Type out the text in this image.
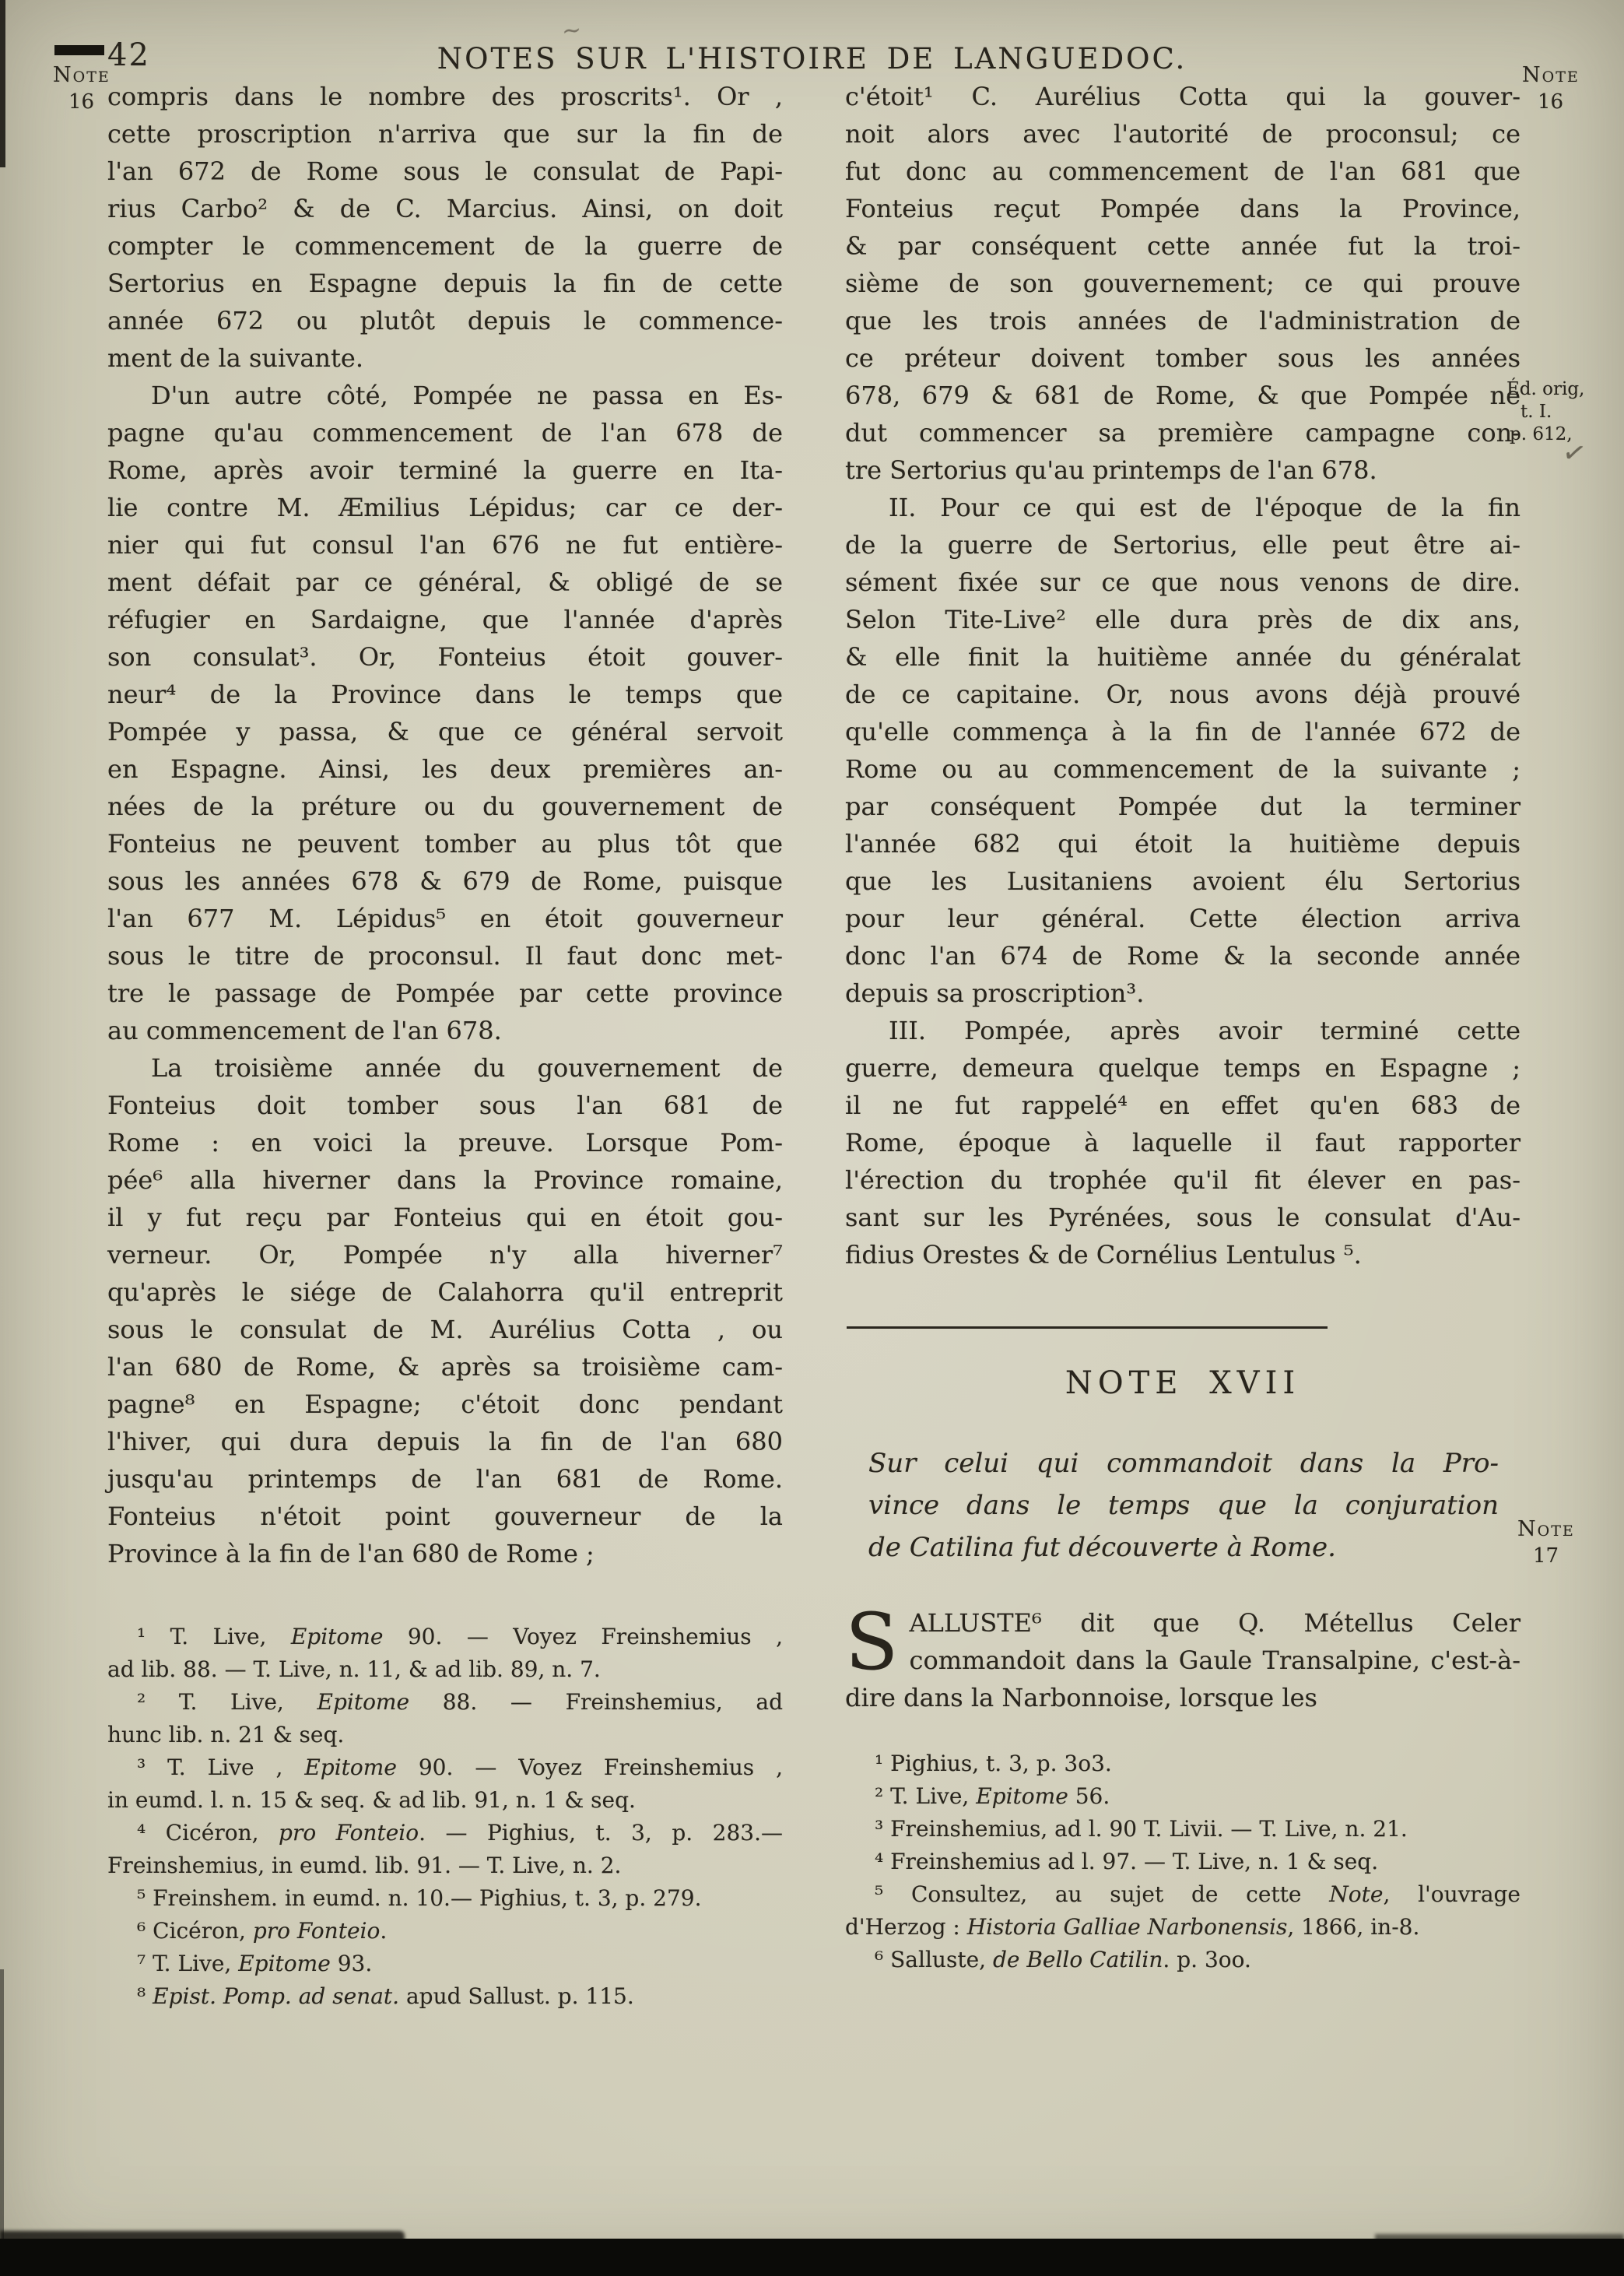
42	NOTES SUR L'HISTOIRE DE LANGUEDOC.
Note
16
Note
16
Éd. orig,
t. I.
p. 612,
Note
17
compris dans le nombre des proscrits¹. Or ,
cette proscription n'arriva que sur la fin de
l'an 672 de Rome sous le consulat de Papi-
rius Carbo² & de C. Marcius. Ainsi, on doit
compter le commencement de la guerre de
Sertorius en Espagne depuis la fin de cette
année 672 ou plutôt depuis le commence-
ment de la suivante.
D'un autre côté, Pompée ne passa en Es-
pagne qu'au commencement de l'an 678 de
Rome, après avoir terminé la guerre en Ita-
lie contre M. Æmilius Lépidus; car ce der-
nier qui fut consul l'an 676 ne fut entière-
ment défait par ce général, & obligé de se
réfugier en Sardaigne, que l'année d'après
son consulat³. Or, Fonteius étoit gouver-
neur⁴ de la Province dans le temps que
Pompée y passa, & que ce général servoit
en Espagne. Ainsi, les deux premières an-
nées de la préture ou du gouvernement de
Fonteius ne peuvent tomber au plus tôt que
sous les années 678 & 679 de Rome, puisque
l'an 677 M. Lépidus⁵ en étoit gouverneur
sous le titre de proconsul. Il faut donc met-
tre le passage de Pompée par cette province
au commencement de l'an 678.
La troisième année du gouvernement de
Fonteius doit tomber sous l'an 681 de
Rome : en voici la preuve. Lorsque Pom-
pée⁶ alla hiverner dans la Province romaine,
il y fut reçu par Fonteius qui en étoit gou-
verneur. Or, Pompée n'y alla hiverner⁷
qu'après le siége de Calahorra qu'il entreprit
sous le consulat de M. Aurélius Cotta , ou
l'an 680 de Rome, & après sa troisième cam-
pagne⁸ en Espagne; c'étoit donc pendant
l'hiver, qui dura depuis la fin de l'an 680
jusqu'au printemps de l'an 681 de Rome.
Fonteius n'étoit point gouverneur de la
Province à la fin de l'an 680 de Rome ;
¹ T. Live, Epitome 90. — Voyez Freinshemius ,
ad lib. 88. — T. Live, n. 11, & ad lib. 89, n. 7.
² T. Live, Epitome 88. — Freinshemius, ad
hunc lib. n. 21 & seq.
³ T. Live , Epitome 90. — Voyez Freinshemius ,
in eumd. l. n. 15 & seq. & ad lib. 91, n. 1 & seq.
⁴ Cicéron, pro Fonteio. — Pighius, t. 3, p. 283.—
Freinshemius, in eumd. lib. 91. — T. Live, n. 2.
⁵ Freinshem. in eumd. n. 10.— Pighius, t. 3, p. 279.
⁶ Cicéron, pro Fonteio.
⁷ T. Live, Epitome 93.
⁸ Epist. Pomp. ad senat. apud Sallust. p. 115.
c'étoit¹ C. Aurélius Cotta qui la gouver-
noit alors avec l'autorité de proconsul; ce
fut donc au commencement de l'an 681 que
Fonteius reçut Pompée dans la Province,
& par conséquent cette année fut la troi-
sième de son gouvernement; ce qui prouve
que les trois années de l'administration de
ce préteur doivent tomber sous les années
678, 679 & 681 de Rome, & que Pompée ne
dut commencer sa première campagne con-
tre Sertorius qu'au printemps de l'an 678.
II. Pour ce qui est de l'époque de la fin
de la guerre de Sertorius, elle peut être ai-
sément fixée sur ce que nous venons de dire.
Selon Tite-Live² elle dura près de dix ans,
& elle finit la huitième année du généralat
de ce capitaine. Or, nous avons déjà prouvé
qu'elle commença à la fin de l'année 672 de
Rome ou au commencement de la suivante ;
par conséquent Pompée dut la terminer
l'année 682 qui étoit la huitième depuis
que les Lusitaniens avoient élu Sertorius
pour leur général. Cette élection arriva
donc l'an 674 de Rome & la seconde année
depuis sa proscription³.
III. Pompée, après avoir terminé cette
guerre, demeura quelque temps en Espagne ;
il ne fut rappelé⁴ en effet qu'en 683 de
Rome, époque à laquelle il faut rapporter
l'érection du trophée qu'il fit élever en pas-
sant sur les Pyrénées, sous le consulat d'Au-
fidius Orestes & de Cornélius Lentulus ⁵.
NOTE XVII
Sur celui qui commandoit dans la Pro-
vince dans le temps que la conjuration
de Catilina fut découverte à Rome.
SALLUSTE⁶ dit que Q. Métellus Celer commandoit dans la Gaule Transalpine, c'est-à-dire dans la Narbonnoise, lorsque les
¹ Pighius, t. 3, p. 3o3.
² T. Live, Epitome 56.
³ Freinshemius, ad l. 90 T. Livii. — T. Live, n. 21.
⁴ Freinshemius ad l. 97. — T. Live, n. 1 & seq.
⁵ Consultez, au sujet de cette Note, l'ouvrage
d'Herzog : Historia Galliae Narbonensis, 1866, in-8.
⁶ Salluste, de Bello Catilin. p. 3oo.
✓
∼
